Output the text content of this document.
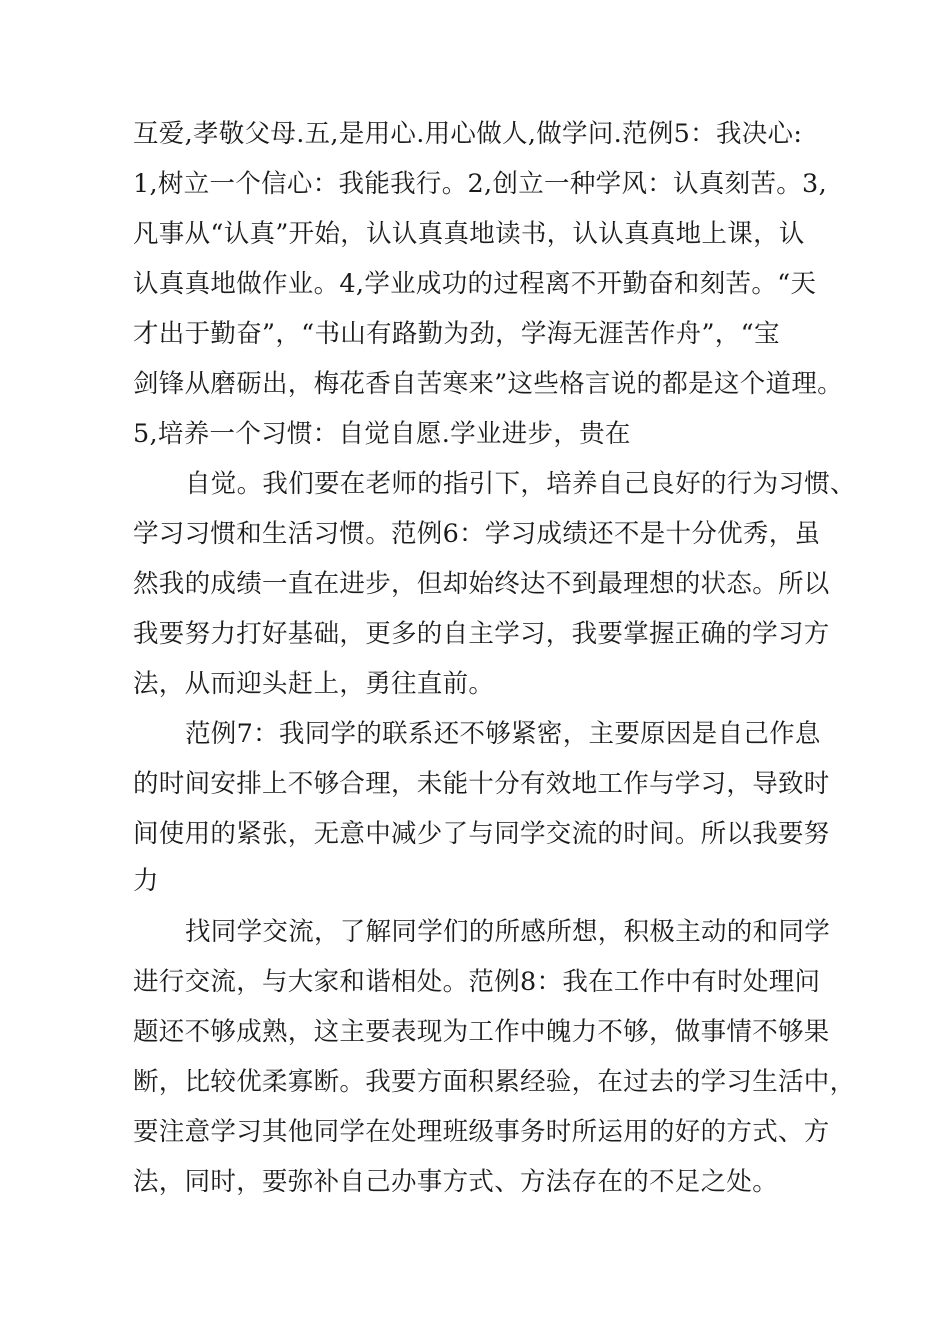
互爱,孝敬父母.五,是用心.用心做人,做学问.范例5：我决心:
1,树立一个信心：我能我行。2,创立一种学风：认真刻苦。3,
凡事从“认真”开始，认认真真地读书，认认真真地上课，认
认真真地做作业。4,学业成功的过程离不开勤奋和刻苦。“天
才出于勤奋”，“书山有路勤为劲，学海无涯苦作舟”，“宝
剑锋从磨砺出，梅花香自苦寒来”这些格言说的都是这个道理。
5,培养一个习惯：自觉自愿.学业进步，贵在
自觉。我们要在老师的指引下，培养自己良好的行为习惯、
学习习惯和生活习惯。范例6：学习成绩还不是十分优秀，虽
然我的成绩一直在进步，但却始终达不到最理想的状态。所以
我要努力打好基础，更多的自主学习，我要掌握正确的学习方
法，从而迎头赶上，勇往直前。
范例7：我同学的联系还不够紧密，主要原因是自己作息
的时间安排上不够合理，未能十分有效地工作与学习，导致时
间使用的紧张，无意中减少了与同学交流的时间。所以我要努
力
找同学交流，了解同学们的所感所想，积极主动的和同学
进行交流，与大家和谐相处。范例8：我在工作中有时处理问
题还不够成熟，这主要表现为工作中魄力不够，做事情不够果
断，比较优柔寡断。我要方面积累经验，在过去的学习生活中，
要注意学习其他同学在处理班级事务时所运用的好的方式、方
法，同时，要弥补自己办事方式、方法存在的不足之处。
